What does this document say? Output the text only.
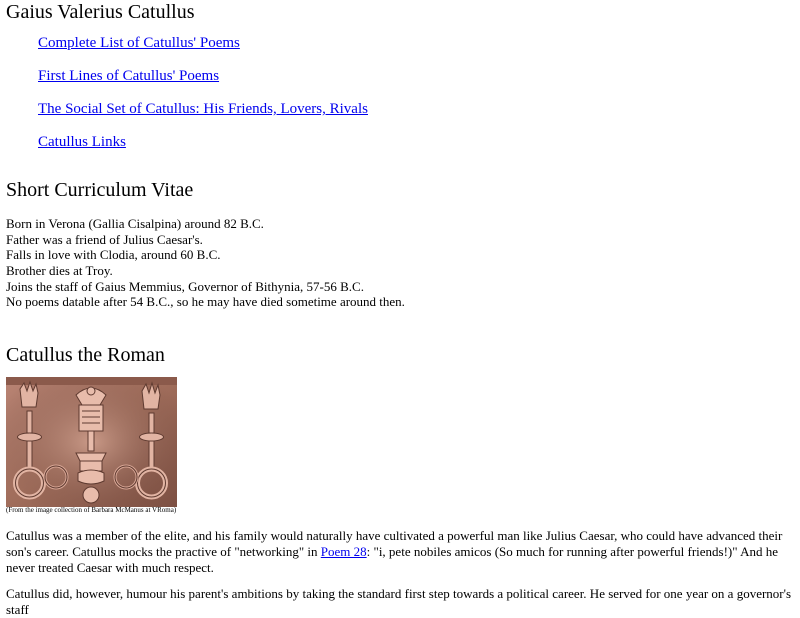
Gaius Valerius Catullus
Complete List of Catullus' Poems
First Lines of Catullus' Poems
The Social Set of Catullus: His Friends, Lovers, Rivals
Catullus Links
Short Curriculum Vitae
Born in Verona (Gallia Cisalpina) around 82 B.C.
Father was a friend of Julius Caesar's.
Falls in love with Clodia, around 60 B.C.
Brother dies at Troy.
Joins the staff of Gaius Memmius, Governor of Bithynia, 57-56 B.C.
No poems datable after 54 B.C., so he may have died sometime around then.
Catullus the Roman
(From the image collection of Barbara McManus at VRoma)
Catullus was a member of the elite, and his family would naturally have cultivated a powerful man like Julius Caesar, who could have advanced their son's career. Catullus mocks the practive of "networking" in Poem 28: "i, pete nobiles amicos (So much for running after powerful friends!)" And he never treated Caesar with much respect.
Catullus did, however, humour his parent's ambitions by taking the standard first step towards a political career. He served for one year on a governor's staff
